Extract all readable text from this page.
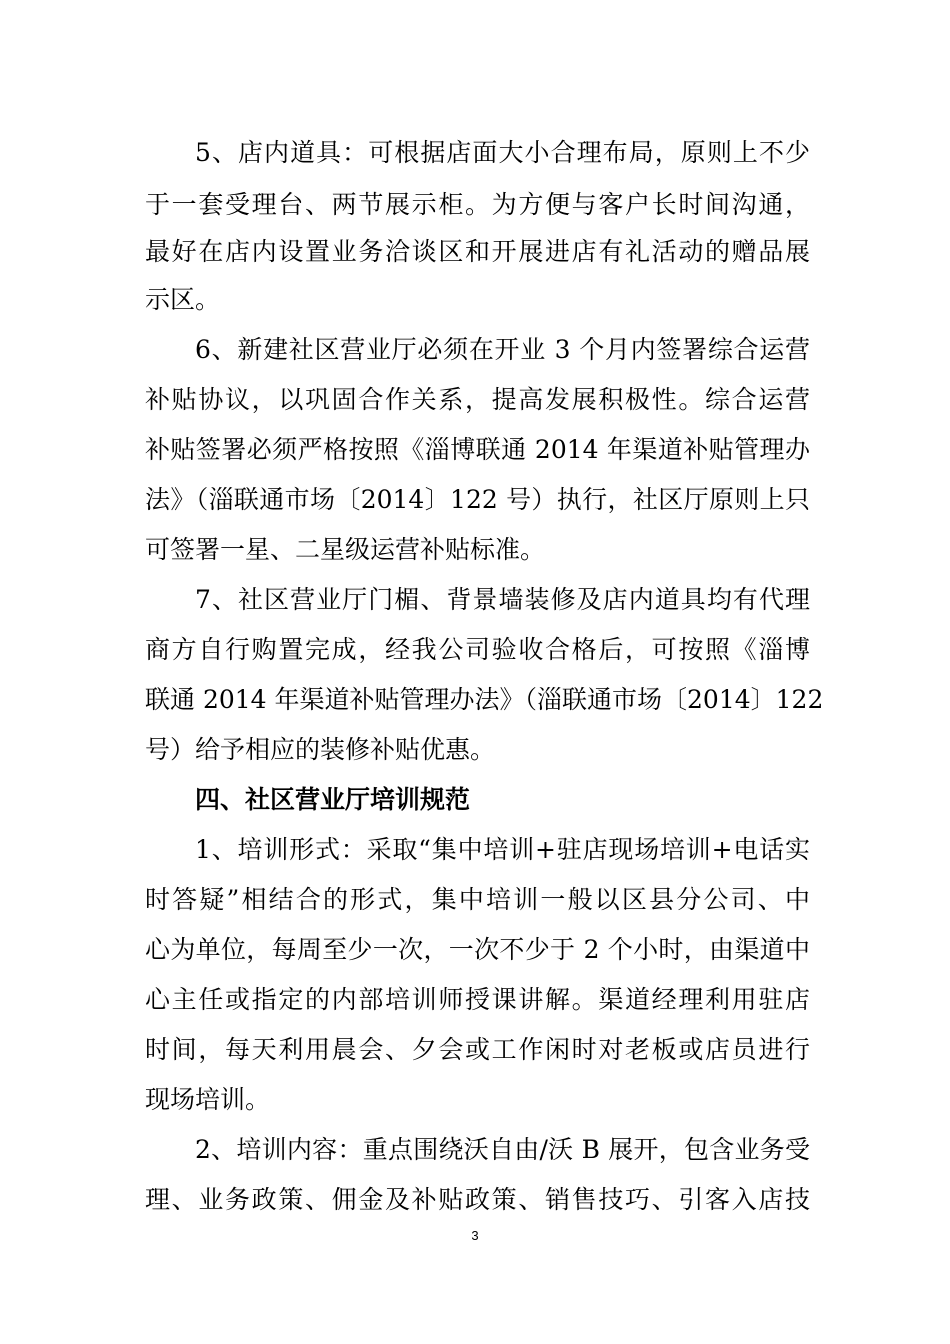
5、店内道具：可根据店面大小合理布局，原则上不少
于一套受理台、两节展示柜。为方便与客户长时间沟通，
最好在店内设置业务洽谈区和开展进店有礼活动的赠品展
示区。
6、新建社区营业厅必须在开业 3 个月内签署综合运营
补贴协议，以巩固合作关系，提高发展积极性。综合运营
补贴签署必须严格按照《淄博联通 2014 年渠道补贴管理办
法》（淄联通市场〔2014〕122 号）执行，社区厅原则上只
可签署一星、二星级运营补贴标准。
7、社区营业厅门楣、背景墙装修及店内道具均有代理
商方自行购置完成，经我公司验收合格后，可按照《淄博
联通 2014 年渠道补贴管理办法》（淄联通市场〔2014〕122
号）给予相应的装修补贴优惠。
四、社区营业厅培训规范
1、培训形式：采取“集中培训+驻店现场培训+电话实
时答疑”相结合的形式，集中培训一般以区县分公司、中
心为单位，每周至少一次，一次不少于 2 个小时，由渠道中
心主任或指定的内部培训师授课讲解。渠道经理利用驻店
时间，每天利用晨会、夕会或工作闲时对老板或店员进行
现场培训。
2、培训内容：重点围绕沃自由/沃 B 展开，包含业务受
理、业务政策、佣金及补贴政策、销售技巧、引客入店技
3
